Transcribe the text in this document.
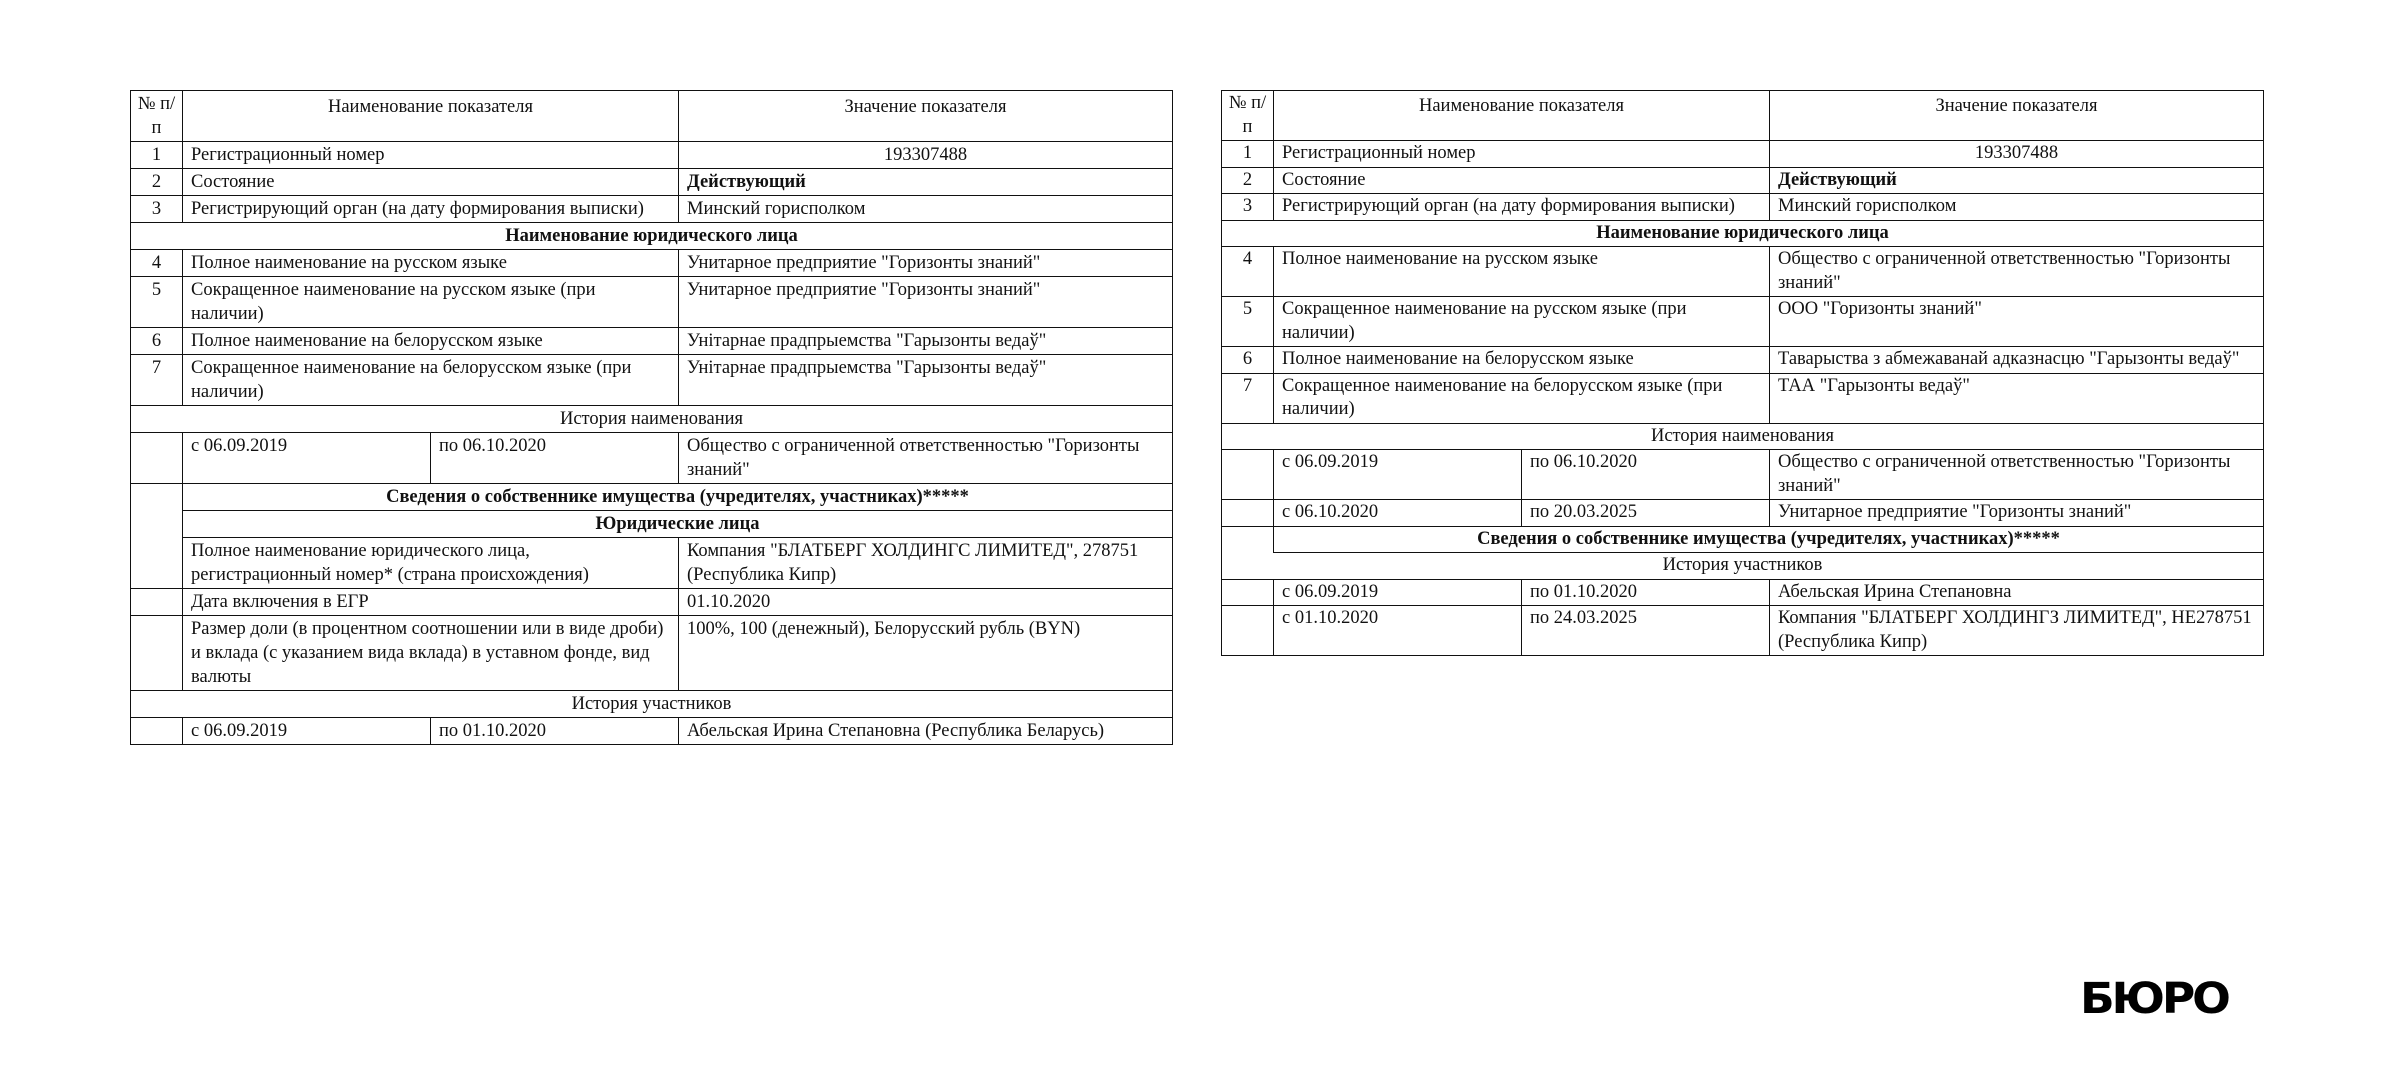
№ п/п	Наименование показателя		Значение показателя
1	Регистрационный номер		193307488
2	Состояние		Действующий
3	Регистрирующий орган (на дату формирования выписки)		Минский горисполком
Наименование юридического лица			
4	Полное наименование на русском языке		Унитарное предприятие "Горизонты знаний"
5	Сокращенное наименование на русском языке (при наличии)		Унитарное предприятие "Горизонты знаний"
6	Полное наименование на белорусском языке		Унітарнае прадпрыемства "Гарызонты ведаў"
7	Сокращенное наименование на белорусском языке (при наличии)		Унітарнае прадпрыемства "Гарызонты ведаў"
История наименования			
	с 06.09.2019	по 06.10.2020	Общество с ограниченной ответственностью "Горизонты знаний"
	Сведения о собственнике имущества (учредителях, участниках)*****		
	Юридические лица		
	Полное наименование юридического лица, регистрационный номер* (страна происхождения)		Компания "БЛАТБЕРГ ХОЛДИНГС ЛИМИТЕД", 278751 (Республика Кипр)
	Дата включения в ЕГР		01.10.2020
	Размер доли (в процентном соотношении или в виде дроби) и вклада (с указанием вида вклада) в уставном фонде, вид валюты		100%, 100 (денежный), Белорусский рубль (BYN)
История участников			
	с 06.09.2019	по 01.10.2020	Абельская Ирина Степановна (Республика Беларусь)
№ п/п	Наименование показателя		Значение показателя
1	Регистрационный номер		193307488
2	Состояние		Действующий
3	Регистрирующий орган (на дату формирования выписки)		Минский горисполком
Наименование юридического лица			
4	Полное наименование на русском языке		Общество с ограниченной ответственностью "Горизонты знаний"
5	Сокращенное наименование на русском языке (при наличии)		ООО "Горизонты знаний"
6	Полное наименование на белорусском языке		Таварыства з абмежаванай адказнасцю "Гарызонты ведаў"
7	Сокращенное наименование на белорусском языке (при наличии)		ТАА "Гарызонты ведаў"
История наименования			
	с 06.09.2019	по 06.10.2020	Общество с ограниченной ответственностью "Горизонты знаний"
	с 06.10.2020	по 20.03.2025	Унитарное предприятие "Горизонты знаний"
	Сведения о собственнике имущества (учредителях, участниках)*****		
История участников			
	с 06.09.2019	по 01.10.2020	Абельская Ирина Степановна
	с 01.10.2020	по 24.03.2025	Компания "БЛАТБЕРГ ХОЛДИНГЗ ЛИМИТЕД", НЕ278751 (Республика Кипр)
БЮРО
